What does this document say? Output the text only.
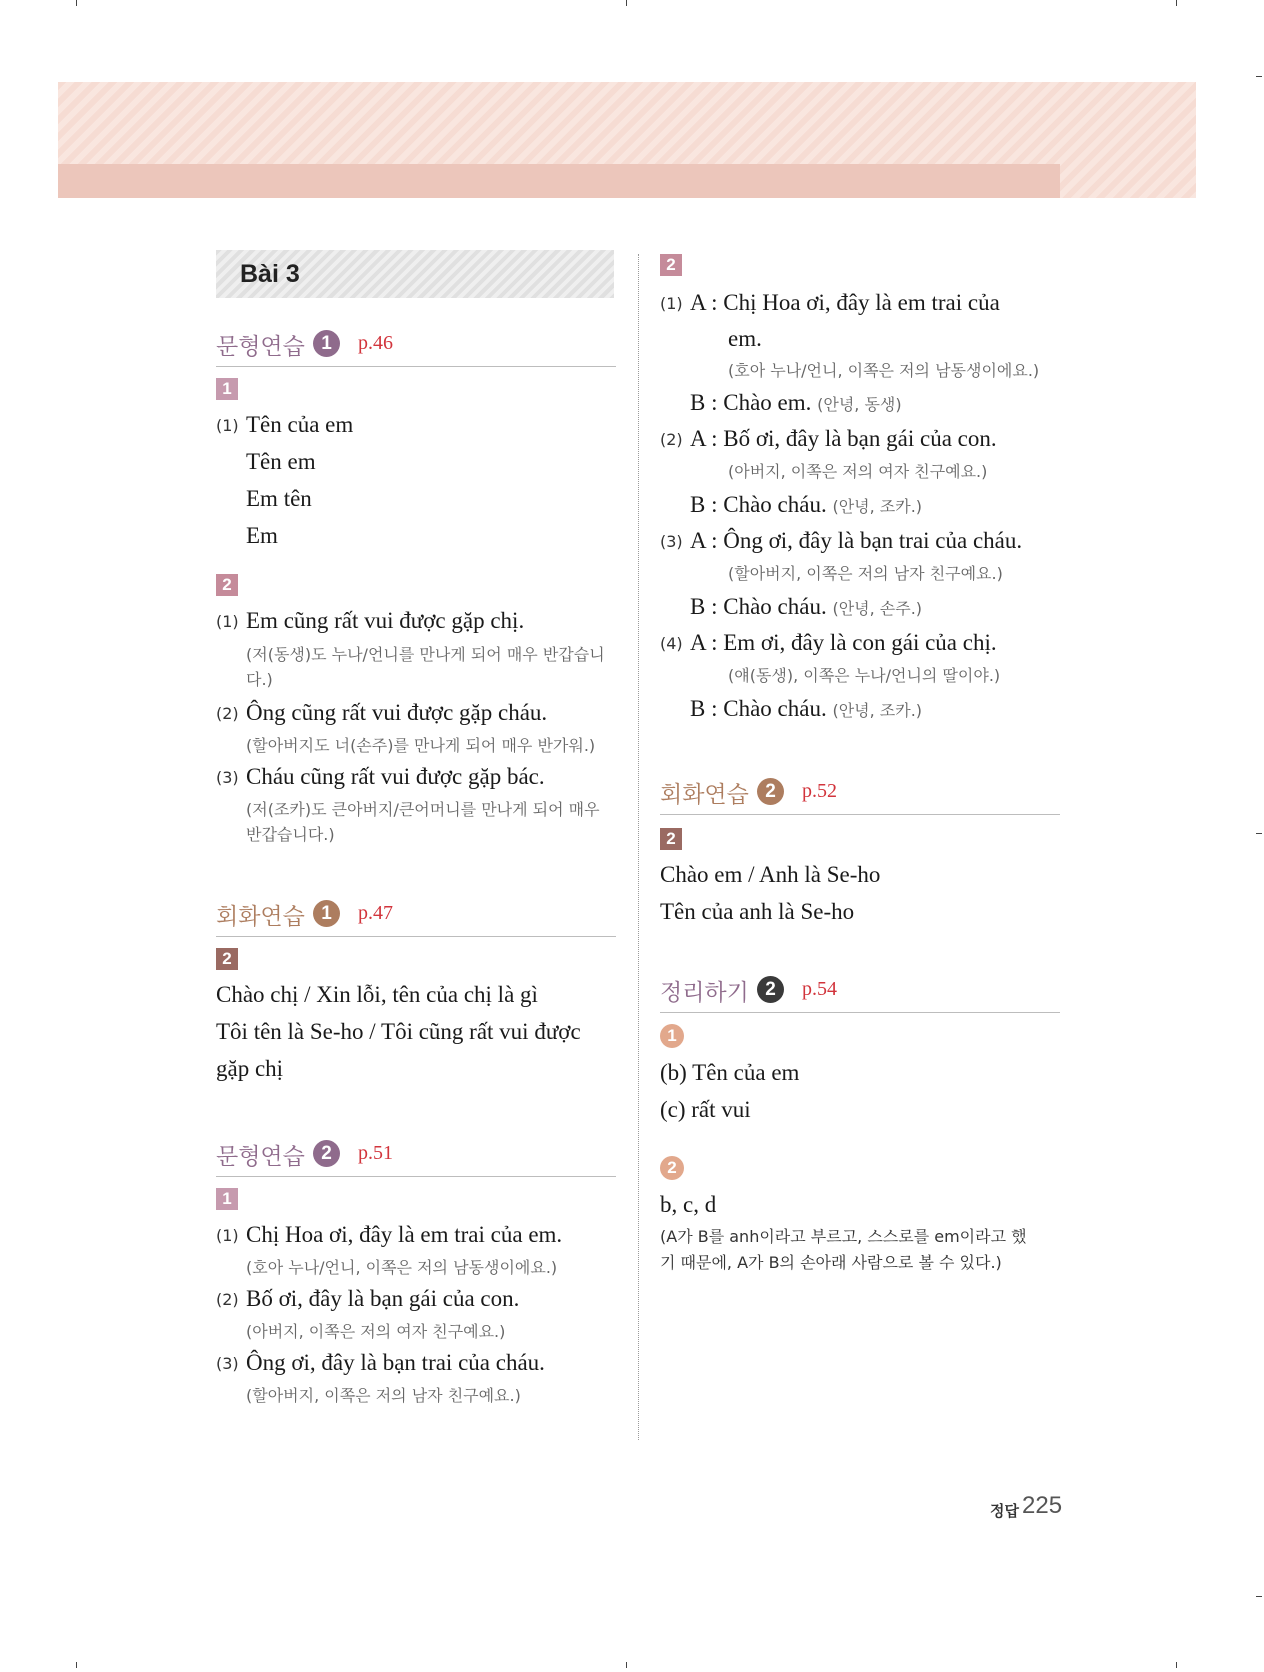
Bài 3
문형연습 1	p.46
1
(1) Tên của em
Tên em
Em tên
Em
2
(1) Em cũng rất vui được gặp chị.
(저(동생)도 누나/언니를 만나게 되어 매우 반갑습니
다.)
(2) Ông cũng rất vui được gặp cháu.
(할아버지도 너(손주)를 만나게 되어 매우 반가워.)
(3) Cháu cũng rất vui được gặp bác.
(저(조카)도 큰아버지/큰어머니를 만나게 되어 매우
반갑습니다.)
회화연습 1	p.47
2
Chào chị / Xin lỗi, tên của chị là gì
Tôi tên là Se-ho / Tôi cũng rất vui được
gặp chị
문형연습 2	p.51
1
(1) Chị Hoa ơi, đây là em trai của em.
(호아 누나/언니, 이쪽은 저의 남동생이에요.)
(2) Bố ơi, đây là bạn gái của con.
(아버지, 이쪽은 저의 여자 친구예요.)
(3) Ông ơi, đây là bạn trai của cháu.
(할아버지, 이쪽은 저의 남자 친구예요.)
2
(1) A : Chị Hoa ơi, đây là em trai của
em.
(호아 누나/언니, 이쪽은 저의 남동생이에요.)
B : Chào em. (안녕, 동생)
(2) A : Bố ơi, đây là bạn gái của con.
(아버지, 이쪽은 저의 여자 친구예요.)
B : Chào cháu. (안녕, 조카.)
(3) A : Ông ơi, đây là bạn trai của cháu.
(할아버지, 이쪽은 저의 남자 친구예요.)
B : Chào cháu. (안녕, 손주.)
(4) A : Em ơi, đây là con gái của chị.
(얘(동생), 이쪽은 누나/언니의 딸이야.)
B : Chào cháu. (안녕, 조카.)
회화연습 2	p.52
2
Chào em / Anh là Se-ho
Tên của anh là Se-ho
정리하기 2	p.54
1
(b) Tên của em
(c) rất vui
2
b, c, d
(A가 B를 anh이라고 부르고, 스스로를 em이라고 했
기 때문에, A가 B의 손아래 사람으로 볼 수 있다.)
정답 225
